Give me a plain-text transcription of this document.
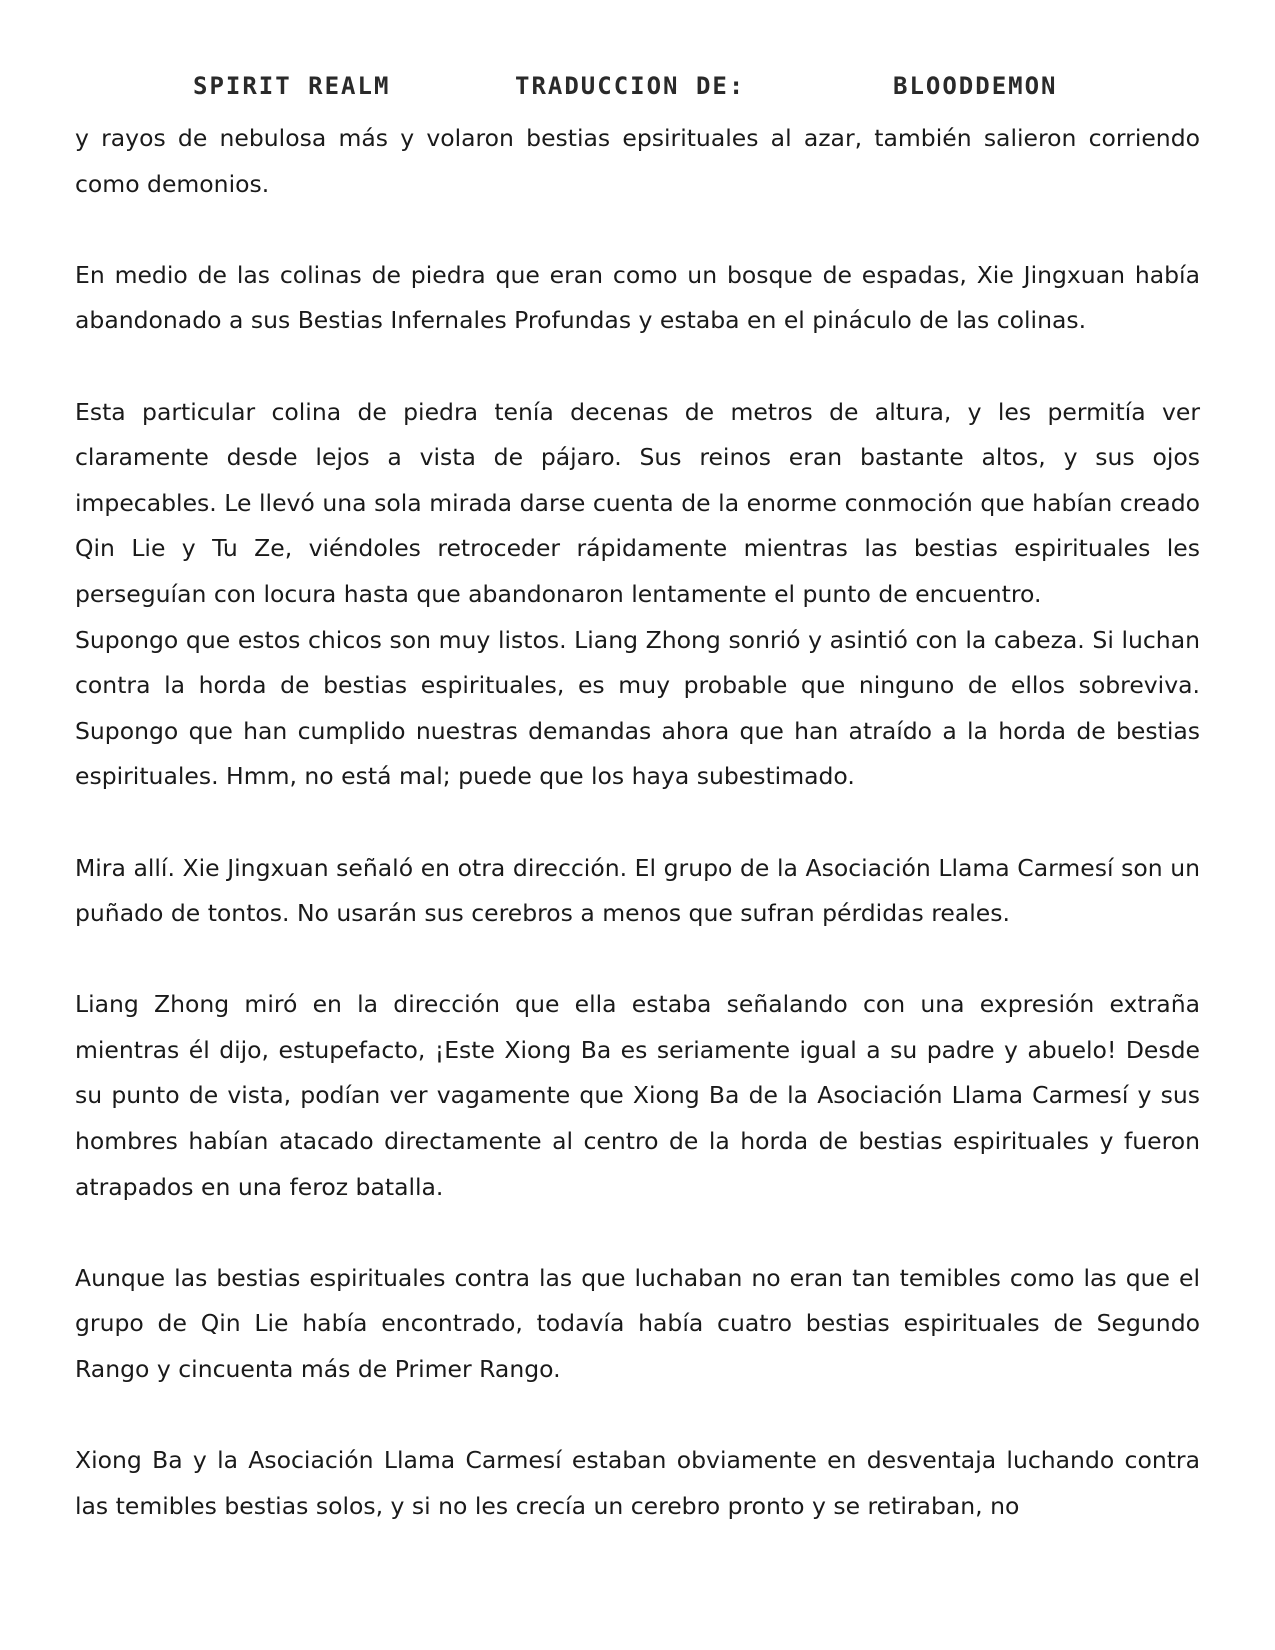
SPIRIT REALM	TRADUCCION DE:	BLOODDEMON

y rayos de nebulosa más y volaron bestias epsirituales al azar, también salieron corriendo como demonios.

En medio de las colinas de piedra que eran como un bosque de espadas, Xie Jingxuan había abandonado a sus Bestias Infernales Profundas y estaba en el pináculo de las colinas.

Esta particular colina de piedra tenía decenas de metros de altura, y les permitía ver claramente desde lejos a vista de pájaro. Sus reinos eran bastante altos, y sus ojos impecables. Le llevó una sola mirada darse cuenta de la enorme conmoción que habían creado Qin Lie y Tu Ze, viéndoles retroceder rápidamente mientras las bestias espirituales les perseguían con locura hasta que abandonaron lentamente el punto de encuentro.

Supongo que estos chicos son muy listos. Liang Zhong sonrió y asintió con la cabeza. Si luchan contra la horda de bestias espirituales, es muy probable que ninguno de ellos sobreviva. Supongo que han cumplido nuestras demandas ahora que han atraído a la horda de bestias espirituales. Hmm, no está mal; puede que los haya subestimado.

Mira allí. Xie Jingxuan señaló en otra dirección. El grupo de la Asociación Llama Carmesí son un puñado de tontos. No usarán sus cerebros a menos que sufran pérdidas reales.

Liang Zhong miró en la dirección que ella estaba señalando con una expresión extraña mientras él dijo, estupefacto, ¡Este Xiong Ba es seriamente igual a su padre y abuelo! Desde su punto de vista, podían ver vagamente que Xiong Ba de la Asociación Llama Carmesí y sus hombres habían atacado directamente al centro de la horda de bestias espirituales y fueron atrapados en una feroz batalla.

Aunque las bestias espirituales contra las que luchaban no eran tan temibles como las que el grupo de Qin Lie había encontrado, todavía había cuatro bestias espirituales de Segundo Rango y cincuenta más de Primer Rango.

Xiong Ba y la Asociación Llama Carmesí estaban obviamente en desventaja luchando contra las temibles bestias solos, y si no les crecía un cerebro pronto y se retiraban, no
